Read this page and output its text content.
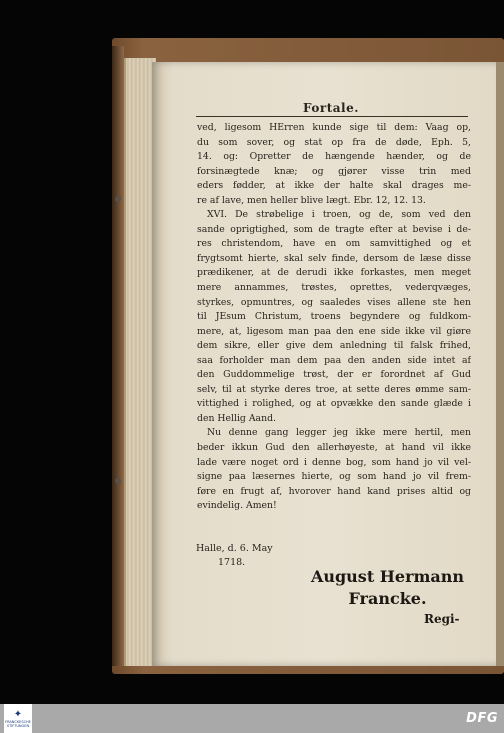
Fortale.

ved, ligesom HErren kunde sige til dem: Vaag op,

du som sover, og stat op fra de døde, Eph. 5,

14. og: Opretter de hængende hænder, og de

forsinægtede knæ; og gjører visse trin med

eders fødder, at ikke der halte skal drages me-

re af lave, men heller blive lægt. Ebr. 12, 12. 13.

XVI. De strøbelige i troen, og de, som ved den

sande oprigtighed, som de tragte efter at bevise i de-

res christendom, have en om samvittighed og et

frygtsomt hierte, skal selv finde, dersom de læse disse

prædikener, at de derudi ikke forkastes, men meget

mere annammes, trøstes, oprettes, vederqvæges,

styrkes, opmuntres, og saaledes vises allene ste hen

til JEsum Christum, troens begyndere og fuldkom-

mere, at, ligesom man paa den ene side ikke vil giøre

dem sikre, eller give dem anledning til falsk frihed,

saa forholder man dem paa den anden side intet af

den Guddommelige trøst, der er forordnet af Gud

selv, til at styrke deres troe, at sette deres ømme sam-

vittighed i rolighed, og at opvække den sande glæde i

den Hellig Aand.

Nu denne gang legger jeg ikke mere hertil, men

beder ikkun Gud den allerhøyeste, at hand vil ikke

lade være noget ord i denne bog, som hand jo vil vel-

signe paa læsernes hierte, og som hand jo vil frem-

føre en frugt af, hvorover hand kand prises altid og

evindelig. Amen!

Halle, d. 6. May
1718.
August Hermann
Francke.
Regi-
✦
FRANCKESCHE STIFTUNGEN	DFG
